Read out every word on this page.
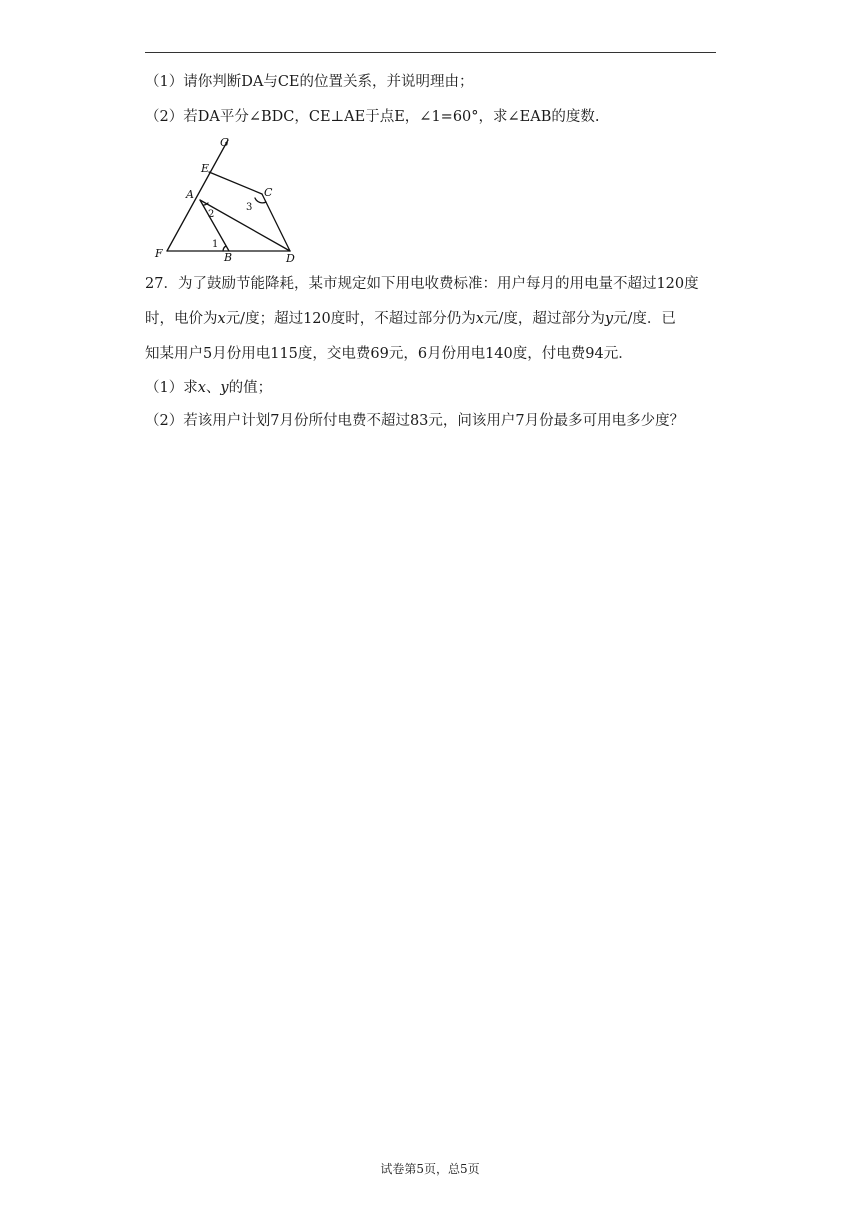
（1）请你判断DA与CE的位置关系，并说明理由；
（2）若DA平分∠BDC，CE⊥AE于点E，∠1=60°，求∠EAB的度数.
G
E
A	C
F	B	D
1
2
3
27．为了鼓励节能降耗，某市规定如下用电收费标准：用户每月的用电量不超过120度
时，电价为x元/度；超过120度时，不超过部分仍为x元/度，超过部分为y元/度．已
知某用户5月份用电115度，交电费69元，6月份用电140度，付电费94元．
（1）求x、y的值；
（2）若该用户计划7月份所付电费不超过83元，问该用户7月份最多可用电多少度？
试卷第5页，总5页
